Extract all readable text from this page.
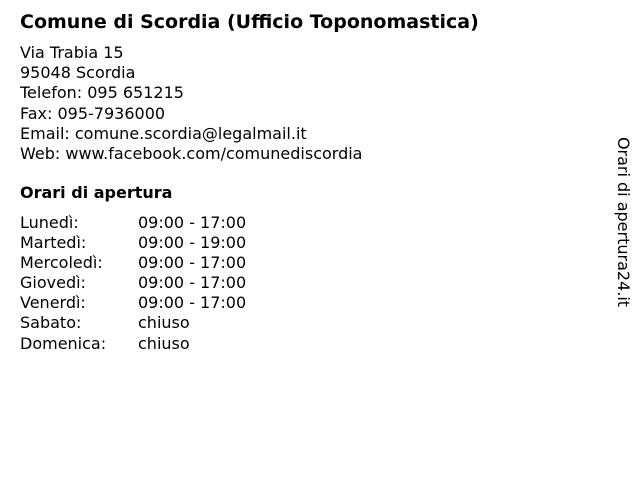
Comune di Scordia (Ufficio Toponomastica)
Via Trabia 15
95048 Scordia
Telefon: 095 651215
Fax: 095-7936000
Email: comune.scordia@legalmail.it
Web: www.facebook.com/comunediscordia
Orari di apertura
Lunedì:	09:00 - 17:00
Martedì:	09:00 - 19:00
Mercoledì: 09:00 - 17:00
Giovedì:	09:00 - 17:00
Venerdì:	09:00 - 17:00
Sabato:	chiuso
Domenica: chiuso
Orari di apertura24.it
